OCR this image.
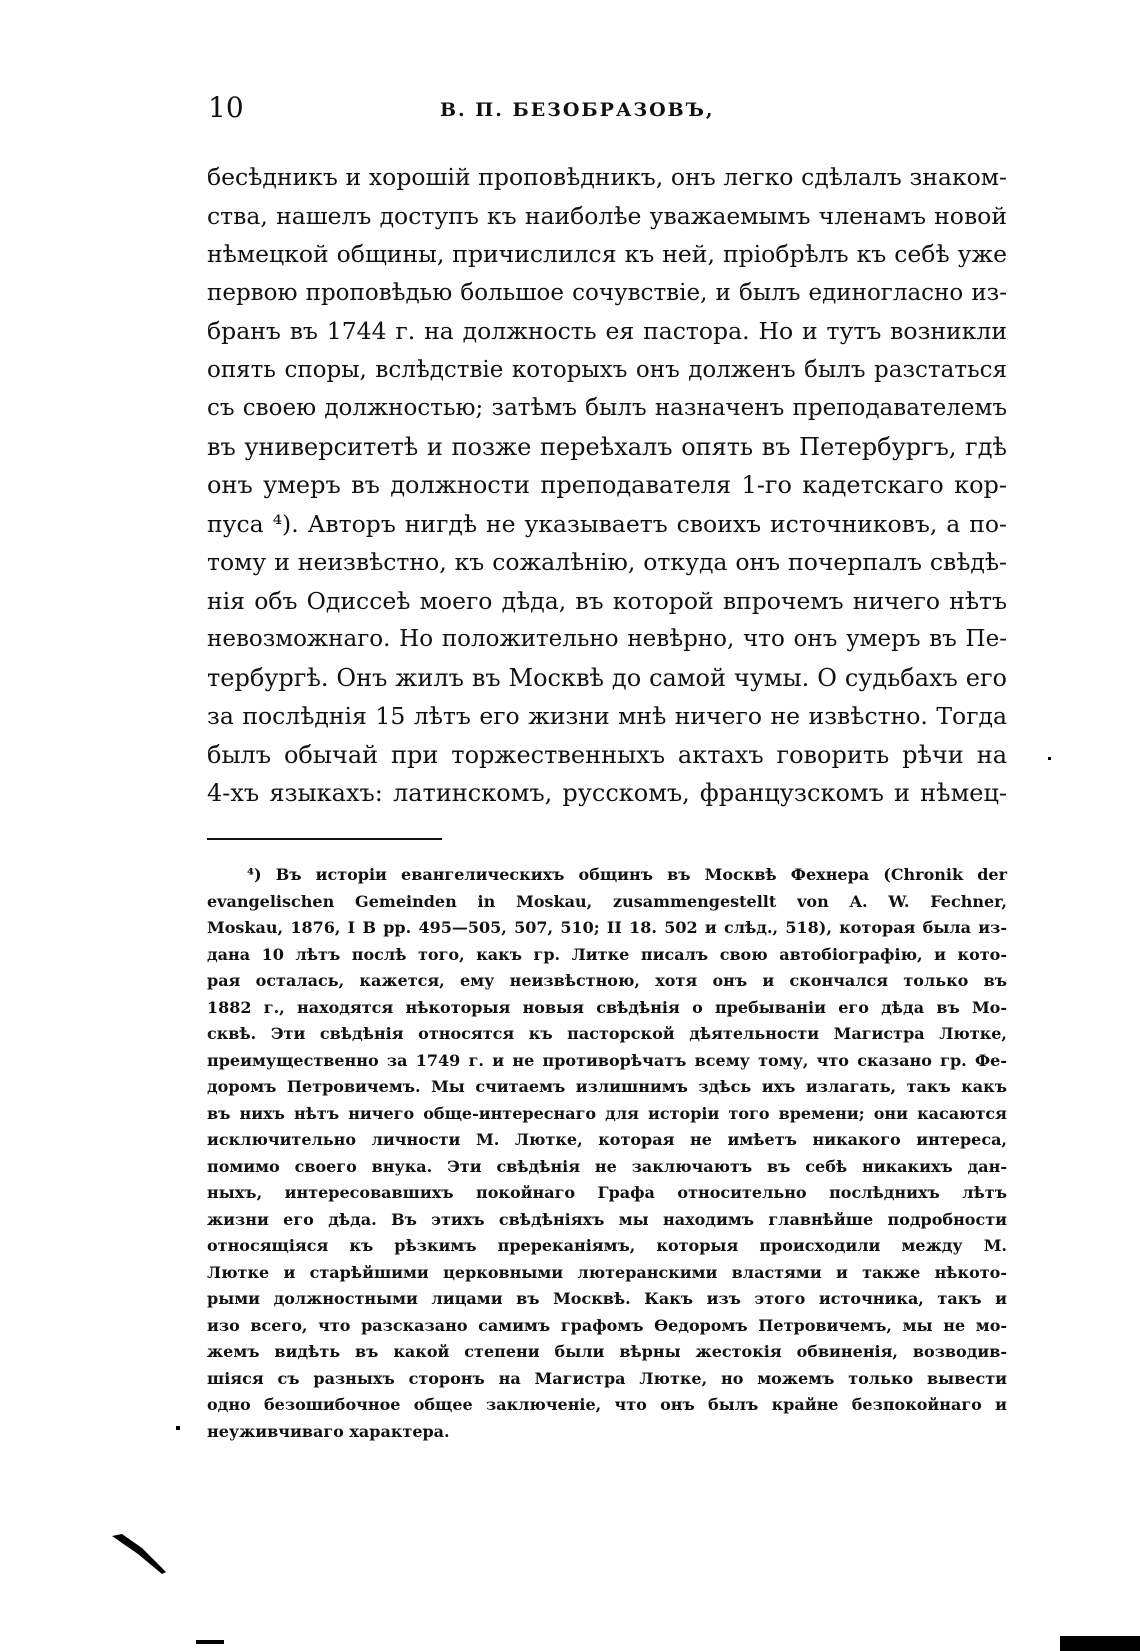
10	В. П. БЕЗОБРАЗОВЪ,
бесѣдникъ и хорошій проповѣдникъ, онъ легко сдѣлалъ знаком-
ства, нашелъ доступъ къ наиболѣе уважаемымъ членамъ новой
нѣмецкой общины, причислился къ ней, пріобрѣлъ къ себѣ уже
первою проповѣдью большое сочувствіе, и былъ единогласно из-
бранъ въ 1744 г. на должность ея пастора. Но и тутъ возникли
опять споры, вслѣдствіе которыхъ онъ долженъ былъ разстаться
съ своею должностью; затѣмъ былъ назначенъ преподавателемъ
въ университетѣ и позже переѣхалъ опять въ Петербургъ, гдѣ
онъ умеръ въ должности преподавателя 1-го кадетскаго кор-
пуса ⁴). Авторъ нигдѣ не указываетъ своихъ источниковъ, а по-
тому и неизвѣстно, къ сожалѣнію, откуда онъ почерпалъ свѣдѣ-
нія объ Одиссеѣ моего дѣда, въ которой впрочемъ ничего нѣтъ
невозможнаго. Но положительно невѣрно, что онъ умеръ въ Пе-
тербургѣ. Онъ жилъ въ Москвѣ до самой чумы. О судьбахъ его
за послѣднія 15 лѣтъ его жизни мнѣ ничего не извѣстно. Тогда
былъ обычай при торжественныхъ актахъ говорить рѣчи на
4-хъ языкахъ: латинскомъ, русскомъ, французскомъ и нѣмец-
⁴) Въ исторіи евангелическихъ общинъ въ Москвѣ Фехнера (Chronik der
evangelischen Gemeinden in Moskau, zusammengestellt von A. W. Fechner,
Moskau, 1876, I B pp. 495—505, 507, 510; II 18. 502 и слѣд., 518), которая была из-
дана 10 лѣтъ послѣ того, какъ гр. Литке писалъ свою автобіографію, и кото-
рая осталась, кажется, ему неизвѣстною, хотя онъ и скончался только въ
1882 г., находятся нѣкоторыя новыя свѣдѣнія о пребываніи его дѣда въ Мо-
сквѣ. Эти свѣдѣнія относятся къ пасторской дѣятельности Магистра Лютке,
преимущественно за 1749 г. и не противорѣчатъ всему тому, что сказано гр. Фе-
доромъ Петровичемъ. Мы считаемъ излишнимъ здѣсь ихъ излагать, такъ какъ
въ нихъ нѣтъ ничего обще-интереснаго для исторіи того времени; они касаются
исключительно личности М. Лютке, которая не имѣетъ никакого интереса,
помимо своего внука. Эти свѣдѣнія не заключаютъ въ себѣ никакихъ дан-
ныхъ, интересовавшихъ покойнаго Графа относительно послѣднихъ лѣтъ
жизни его дѣда. Въ этихъ свѣдѣніяхъ мы находимъ главнѣйше подробности
относящіяся къ рѣзкимъ пререканіямъ, которыя происходили между М.
Лютке и старѣйшими церковными лютеранскими властями и также нѣкото-
рыми должностными лицами въ Москвѣ. Какъ изъ этого источника, такъ и
изо всего, что разсказано самимъ графомъ Ѳедоромъ Петровичемъ, мы не мо-
жемъ видѣть въ какой степени были вѣрны жестокія обвиненія, возводив-
шіяся съ разныхъ сторонъ на Магистра Лютке, но можемъ только вывести
одно безошибочное общее заключеніе, что онъ былъ крайне безпокойнаго и
неуживчиваго характера.
